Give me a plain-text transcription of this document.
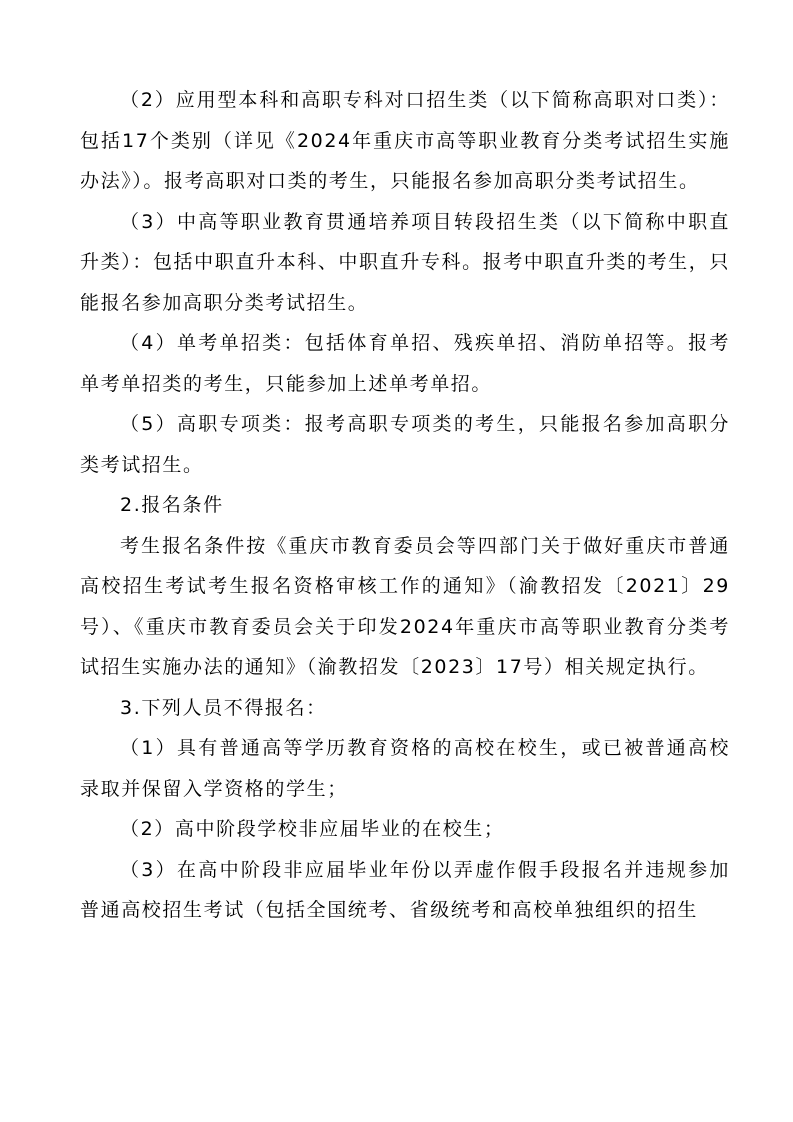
（2）应用型本科和高职专科对口招生类（以下简称高职对口类）：包括17个类别（详见《2024年重庆市高等职业教育分类考试招生实施办法》）。报考高职对口类的考生，只能报名参加高职分类考试招生。

（3）中高等职业教育贯通培养项目转段招生类（以下简称中职直升类）：包括中职直升本科、中职直升专科。报考中职直升类的考生，只能报名参加高职分类考试招生。

（4）单考单招类：包括体育单招、残疾单招、消防单招等。报考单考单招类的考生，只能参加上述单考单招。

（5）高职专项类：报考高职专项类的考生，只能报名参加高职分类考试招生。

2.报名条件

考生报名条件按《重庆市教育委员会等四部门关于做好重庆市普通高校招生考试考生报名资格审核工作的通知》（渝教招发〔2021〕29号）、《重庆市教育委员会关于印发2024年重庆市高等职业教育分类考试招生实施办法的通知》（渝教招发〔2023〕17号）相关规定执行。

3.下列人员不得报名：

（1）具有普通高等学历教育资格的高校在校生，或已被普通高校录取并保留入学资格的学生；

（2）高中阶段学校非应届毕业的在校生；

（3）在高中阶段非应届毕业年份以弄虚作假手段报名并违规参加普通高校招生考试（包括全国统考、省级统考和高校单独组织的招生
